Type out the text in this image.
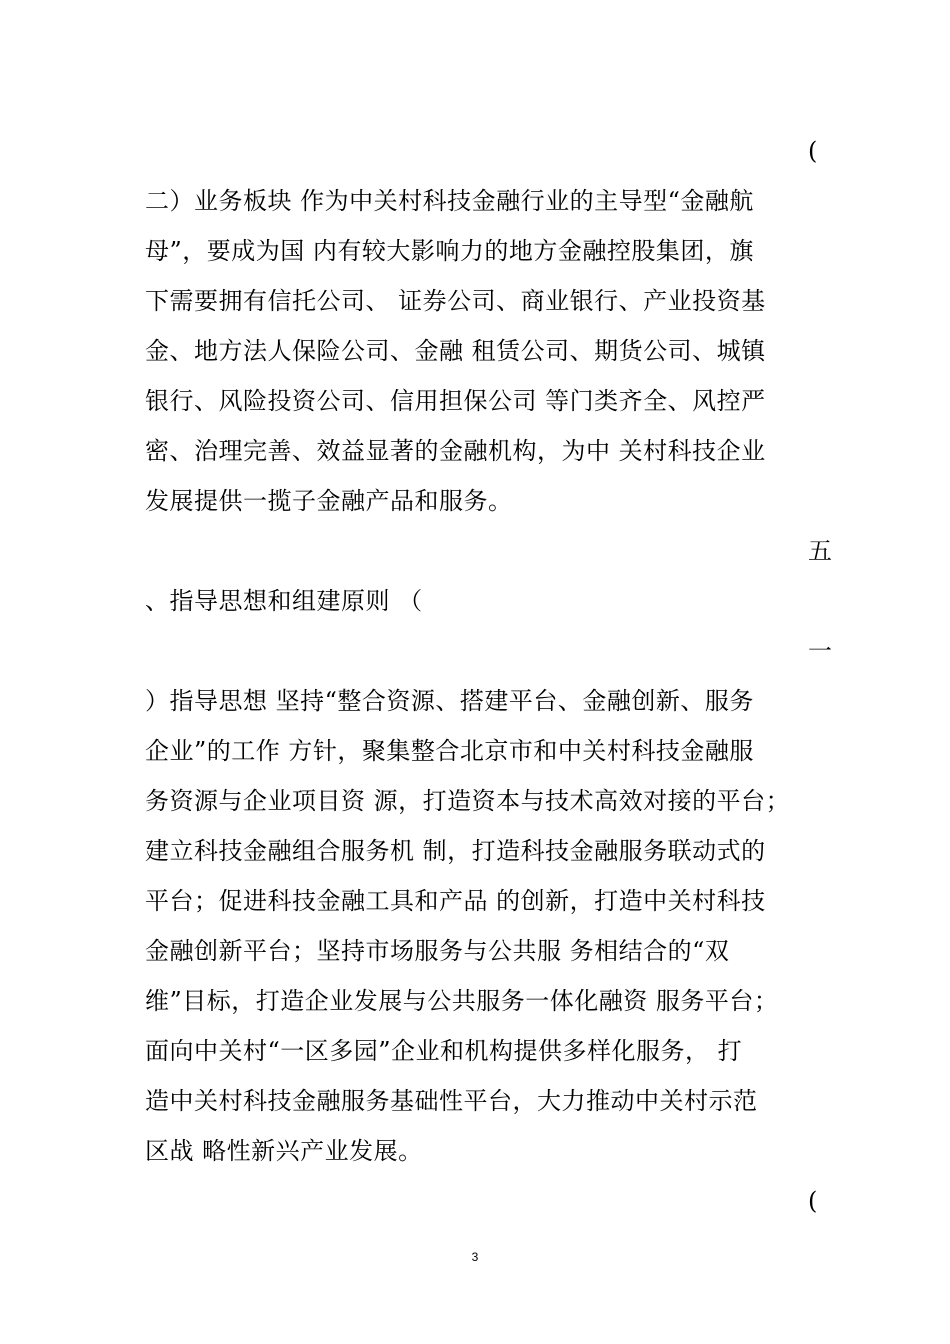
(
二）业务板块 作为中关村科技金融行业的主导型“金融航
母”，要成为国 内有较大影响力的地方金融控股集团，旗
下需要拥有信托公司、 证券公司、商业银行、产业投资基
金、地方法人保险公司、金融 租赁公司、期货公司、城镇
银行、风险投资公司、信用担保公司 等门类齐全、风控严
密、治理完善、效益显著的金融机构，为中 关村科技企业
发展提供一揽子金融产品和服务。
五
、指导思想和组建原则 （
一
）指导思想 坚持“整合资源、搭建平台、金融创新、服务
企业”的工作 方针，聚集整合北京市和中关村科技金融服
务资源与企业项目资 源，打造资本与技术高效对接的平台；
建立科技金融组合服务机 制，打造科技金融服务联动式的
平台；促进科技金融工具和产品 的创新，打造中关村科技
金融创新平台；坚持市场服务与公共服 务相结合的“双
维”目标，打造企业发展与公共服务一体化融资 服务平台；
面向中关村“一区多园”企业和机构提供多样化服务， 打
造中关村科技金融服务基础性平台，大力推动中关村示范
区战 略性新兴产业发展。
(
3
